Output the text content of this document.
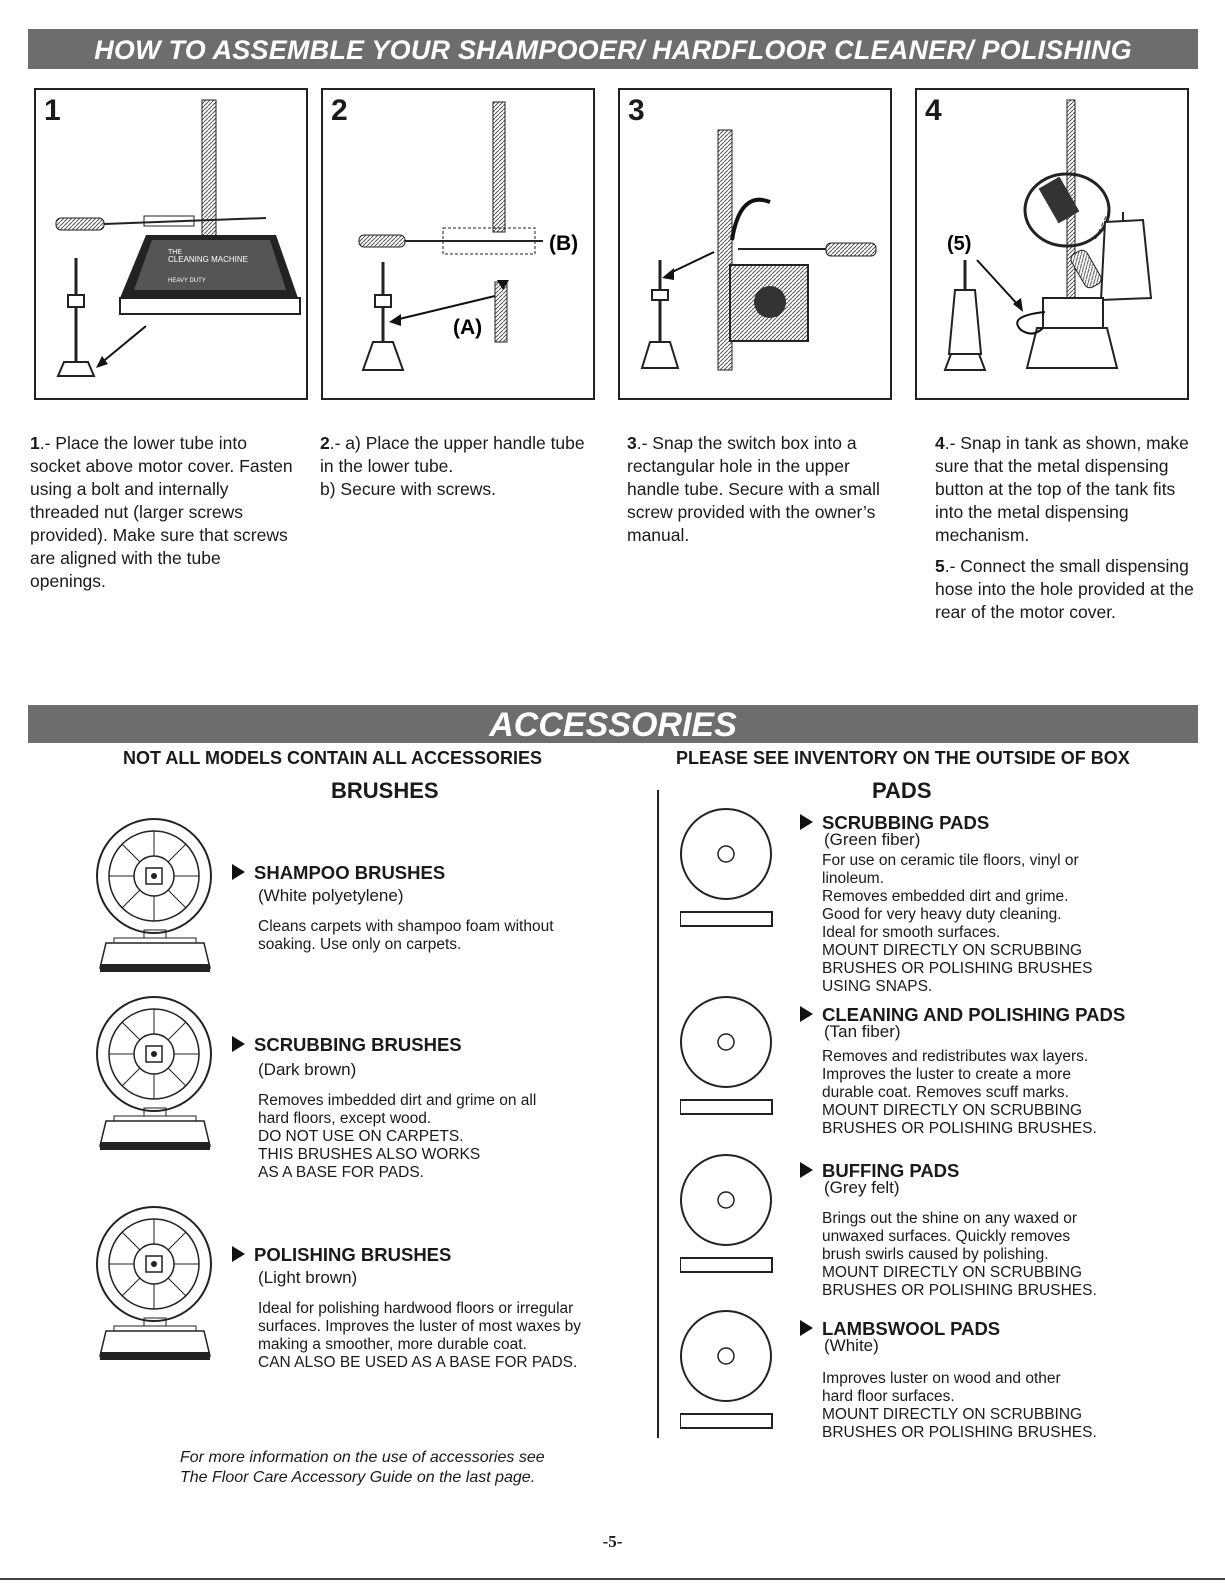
HOW TO ASSEMBLE YOUR SHAMPOOER/ HARDFLOOR CLEANER/ POLISHING
1
THE
CLEANING MACHINE
HEAVY DUTY
2
(B)
(A)
3	4
(5)

1.- Place the lower tube into socket above motor cover. Fasten using a bolt and internally threaded nut (larger screws provided). Make sure that screws are aligned with the tube openings.

2.- a) Place the upper handle tube in the lower tube.

b) Secure with screws.

3.- Snap the switch box into a rectangular hole in the upper handle tube. Secure with a small screw provided with the owner’s manual.

4.- Snap in tank as shown, make sure that the metal dispensing button at the top of the tank fits into the metal dispensing mechanism.

5.- Connect the small dispensing hose into the hole provided at the rear of the motor cover.

ACCESSORIES
NOT ALL MODELS CONTAIN ALL ACCESSORIES	PLEASE SEE INVENTORY ON THE OUTSIDE OF BOX
BRUSHES	PADS
SHAMPOO BRUSHES
(White polyetylene)
Cleans carpets with shampoo foam without
soaking. Use only on carpets.
SCRUBBING BRUSHES
(Dark brown)
Removes imbedded dirt and grime on all
hard floors, except wood.
DO NOT USE ON CARPETS.
THIS BRUSHES ALSO WORKS
AS A BASE FOR PADS.
POLISHING BRUSHES
(Light brown)
Ideal for polishing hardwood floors or irregular
surfaces. Improves the luster of most waxes by
making a smoother, more durable coat.
CAN ALSO BE USED AS A BASE FOR PADS.
SCRUBBING PADS
(Green fiber)
For use on ceramic tile floors, vinyl or
linoleum.
Removes embedded dirt and grime.
Good for very heavy duty cleaning.
Ideal for smooth surfaces.
MOUNT DIRECTLY ON SCRUBBING
BRUSHES OR POLISHING BRUSHES
USING SNAPS.
CLEANING AND POLISHING PADS
(Tan fiber)
Removes and redistributes wax layers.
Improves the luster to create a more
durable coat. Removes scuff marks.
MOUNT DIRECTLY ON SCRUBBING
BRUSHES OR POLISHING BRUSHES.
BUFFING PADS
(Grey felt)
Brings out the shine on any waxed or
unwaxed surfaces. Quickly removes
brush swirls caused by polishing.
MOUNT DIRECTLY ON SCRUBBING
BRUSHES OR POLISHING BRUSHES.
LAMBSWOOL PADS
(White)
Improves luster on wood and other
hard floor surfaces.
MOUNT DIRECTLY ON SCRUBBING
BRUSHES OR POLISHING BRUSHES.
For more information on the use of accessories see
The Floor Care Accessory Guide on the last page.
-5-
